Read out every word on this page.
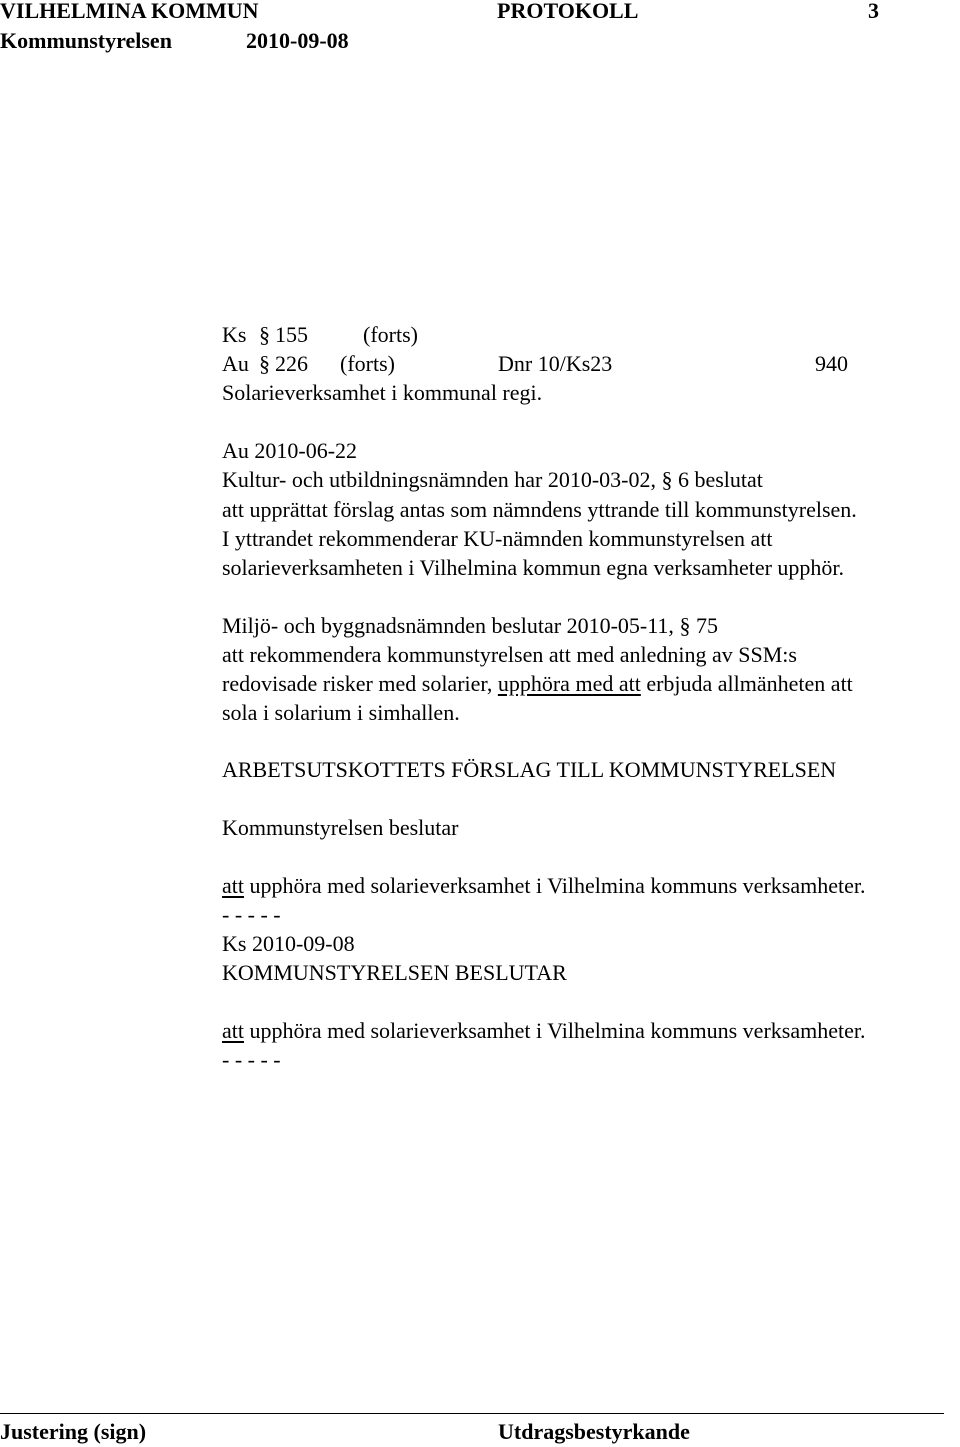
VILHELMINA KOMMUN	PROTOKOLL	3
Kommunstyrelsen	2010-09-08
Ks § 155	(forts)
Au § 226 (forts)	Dnr 10/Ks23	940
Solarieverksamhet i kommunal regi.
Au 2010-06-22
Kultur- och utbildningsnämnden har 2010-03-02, § 6 beslutat
att upprättat förslag antas som nämndens yttrande till kommunstyrelsen.
I yttrandet rekommenderar KU-nämnden kommunstyrelsen att
solarieverksamheten i Vilhelmina kommun egna verksamheter upphör.
Miljö- och byggnadsnämnden beslutar 2010-05-11, § 75
att rekommendera kommunstyrelsen att med anledning av SSM:s
redovisade risker med solarier, upphöra med att erbjuda allmänheten att
sola i solarium i simhallen.
ARBETSUTSKOTTETS FÖRSLAG TILL KOMMUNSTYRELSEN
Kommunstyrelsen beslutar
att upphöra med solarieverksamhet i Vilhelmina kommuns verksamheter.
- - - - -
Ks 2010-09-08
KOMMUNSTYRELSEN BESLUTAR
att upphöra med solarieverksamhet i Vilhelmina kommuns verksamheter.
- - - - -
Justering (sign)	Utdragsbestyrkande
